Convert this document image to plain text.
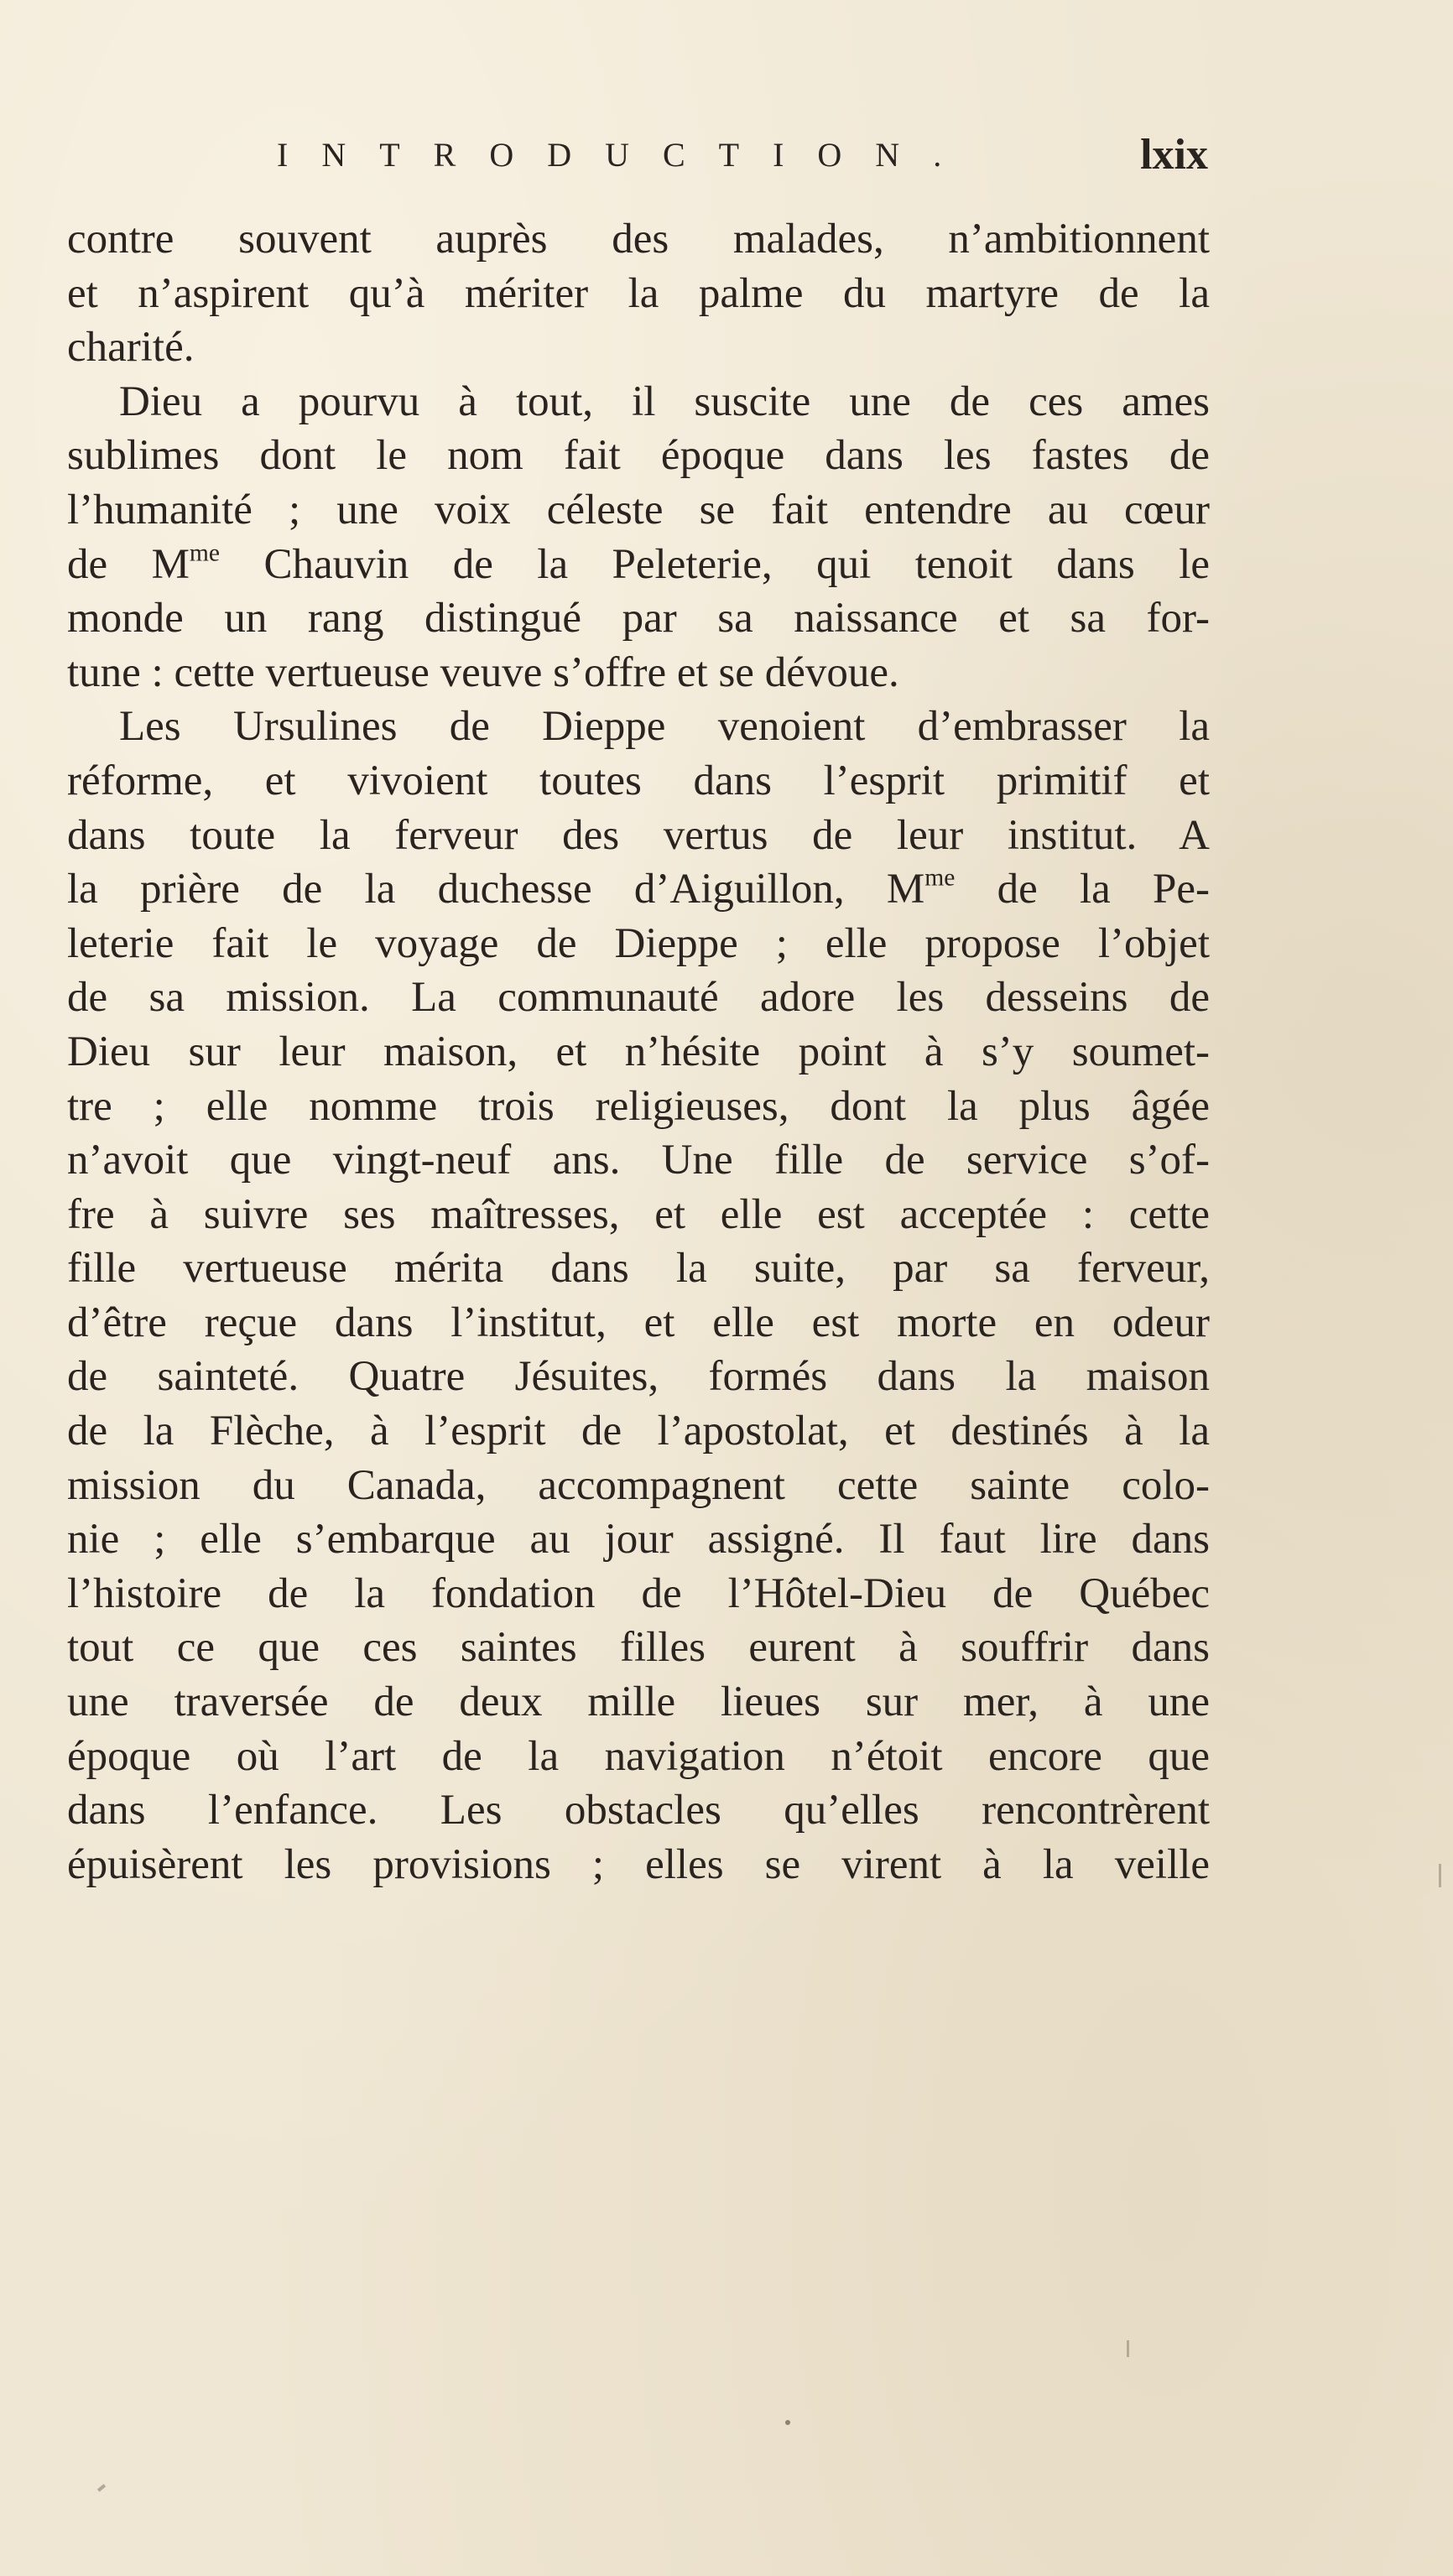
INTRODUCTION.	lxix
contre souvent auprès des malades, n’ambitionnent
et n’aspirent qu’à mériter la palme du martyre de la
charité.
Dieu a pourvu à tout, il suscite une de ces ames
sublimes dont le nom fait époque dans les fastes de
l’humanité ; une voix céleste se fait entendre au cœur
de $M^{me}$ Chauvin de la Peleterie, qui tenoit dans le
monde un rang distingué par sa naissance et sa for-
tune : cette vertueuse veuve s’offre et se dévoue.
Les Ursulines de Dieppe venoient d’embrasser la
réforme, et vivoient toutes dans l’esprit primitif et
dans toute la ferveur des vertus de leur institut. A
la prière de la duchesse d’Aiguillon, $M^{me}$ de la Pe-
leterie fait le voyage de Dieppe ; elle propose l’objet
de sa mission. La communauté adore les desseins de
Dieu sur leur maison, et n’hésite point à s’y soumet-
tre ; elle nomme trois religieuses, dont la plus âgée
n’avoit que vingt-neuf ans. Une fille de service s’of-
fre à suivre ses maîtresses, et elle est acceptée : cette
fille vertueuse mérita dans la suite, par sa ferveur,
d’être reçue dans l’institut, et elle est morte en odeur
de sainteté. Quatre Jésuites, formés dans la maison
de la Flèche, à l’esprit de l’apostolat, et destinés à la
mission du Canada, accompagnent cette sainte colo-
nie ; elle s’embarque au jour assigné. Il faut lire dans
l’histoire de la fondation de l’Hôtel-Dieu de Québec
tout ce que ces saintes filles eurent à souffrir dans
une traversée de deux mille lieues sur mer, à une
époque où l’art de la navigation n’étoit encore que
dans l’enfance. Les obstacles qu’elles rencontrèrent
épuisèrent les provisions ; elles se virent à la veille
